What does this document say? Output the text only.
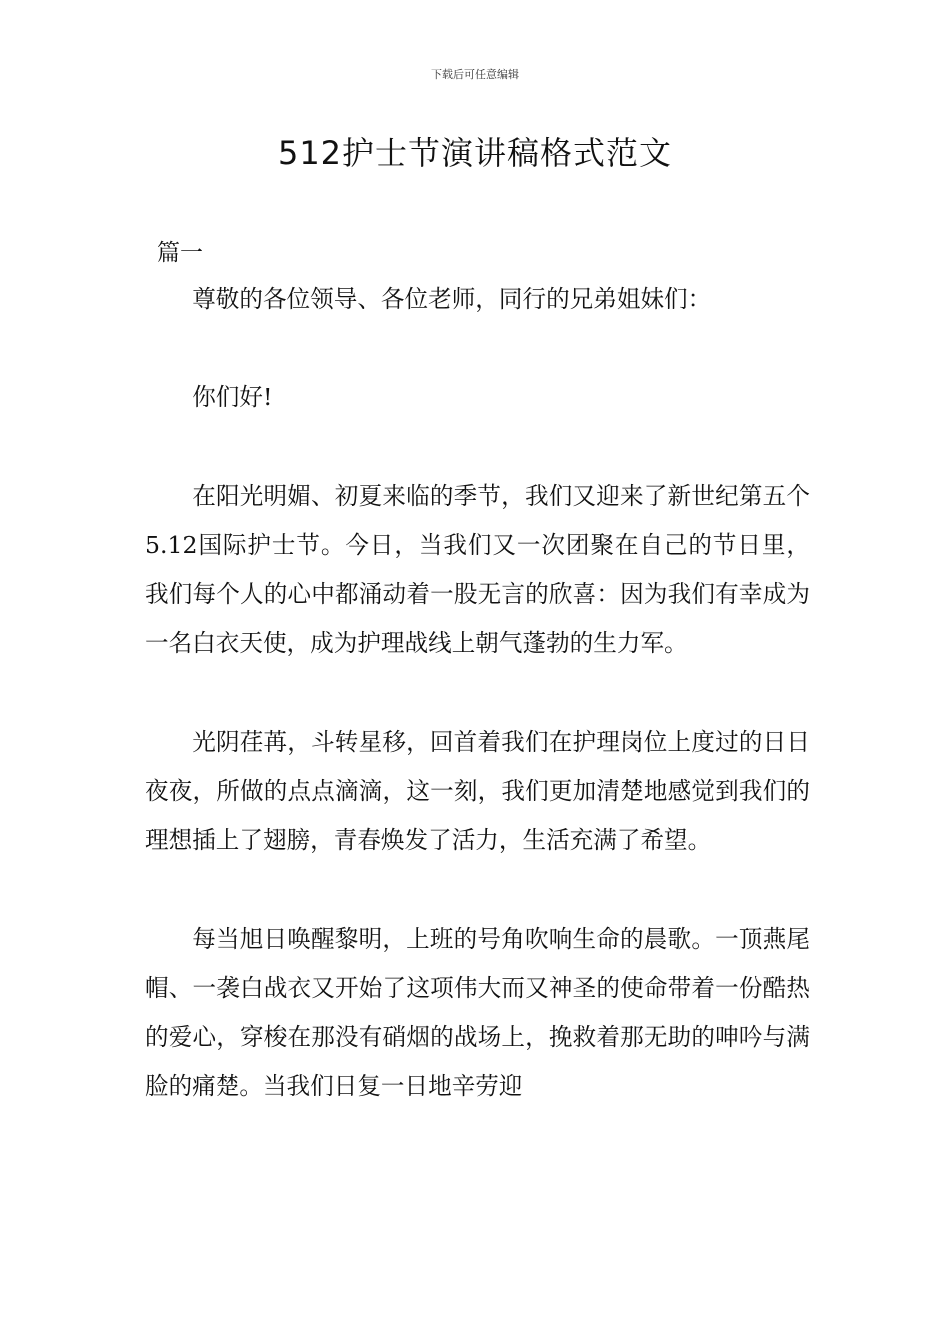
下载后可任意编辑
512护士节演讲稿格式范文
篇一

尊敬的各位领导、各位老师，同行的兄弟姐妹们：

你们好!

在阳光明媚、初夏来临的季节，我们又迎来了新世纪第五个5.12国际护士节。今日，当我们又一次团聚在自己的节日里，我们每个人的心中都涌动着一股无言的欣喜：因为我们有幸成为一名白衣天使，成为护理战线上朝气蓬勃的生力军。

光阴荏苒，斗转星移，回首着我们在护理岗位上度过的日日夜夜，所做的点点滴滴，这一刻，我们更加清楚地感觉到我们的理想插上了翅膀，青春焕发了活力，生活充满了希望。

每当旭日唤醒黎明，上班的号角吹响生命的晨歌。一顶燕尾帽、一袭白战衣又开始了这项伟大而又神圣的使命带着一份酷热的爱心，穿梭在那没有硝烟的战场上，挽救着那无助的呻吟与满脸的痛楚。当我们日复一日地辛劳迎
